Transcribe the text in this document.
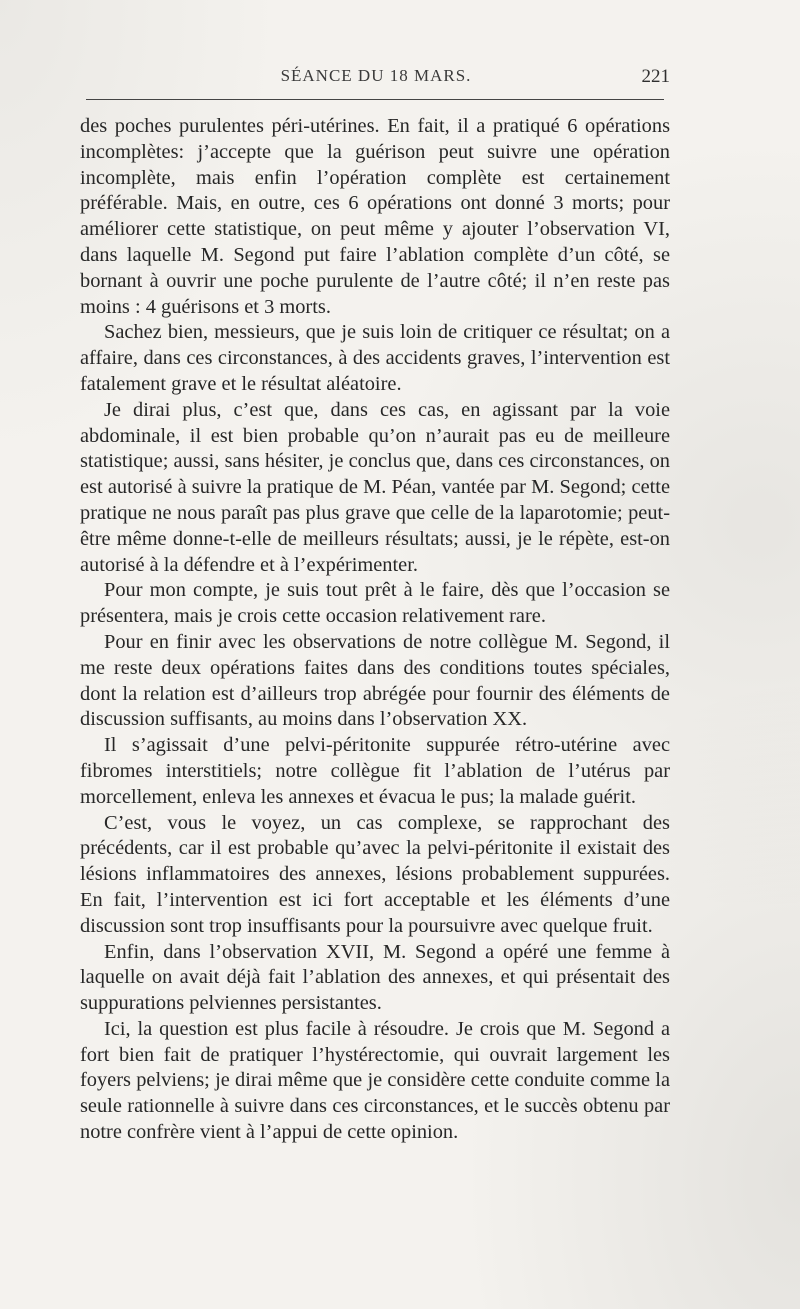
SÉANCE DU 18 MARS.	221

des poches purulentes péri-utérines. En fait, il a pratiqué 6 opérations incomplètes: j’accepte que la guérison peut suivre une opération incomplète, mais enfin l’opération complète est certainement préférable. Mais, en outre, ces 6 opérations ont donné 3 morts; pour améliorer cette statistique, on peut même y ajouter l’observation VI, dans laquelle M. Segond put faire l’ablation complète d’un côté, se bornant à ouvrir une poche purulente de l’autre côté; il n’en reste pas moins : 4 guérisons et 3 morts.

Sachez bien, messieurs, que je suis loin de critiquer ce résultat; on a affaire, dans ces circonstances, à des accidents graves, l’intervention est fatalement grave et le résultat aléatoire.

Je dirai plus, c’est que, dans ces cas, en agissant par la voie abdominale, il est bien probable qu’on n’aurait pas eu de meilleure statistique; aussi, sans hésiter, je conclus que, dans ces circonstances, on est autorisé à suivre la pratique de M. Péan, vantée par M. Segond; cette pratique ne nous paraît pas plus grave que celle de la laparotomie; peut-être même donne-t-elle de meilleurs résultats; aussi, je le répète, est-on autorisé à la défendre et à l’expérimenter.

Pour mon compte, je suis tout prêt à le faire, dès que l’occasion se présentera, mais je crois cette occasion relativement rare.

Pour en finir avec les observations de notre collègue M. Segond, il me reste deux opérations faites dans des conditions toutes spéciales, dont la relation est d’ailleurs trop abrégée pour fournir des éléments de discussion suffisants, au moins dans l’observation XX.

Il s’agissait d’une pelvi-péritonite suppurée rétro-utérine avec fibromes interstitiels; notre collègue fit l’ablation de l’utérus par morcellement, enleva les annexes et évacua le pus; la malade guérit.

C’est, vous le voyez, un cas complexe, se rapprochant des précédents, car il est probable qu’avec la pelvi-péritonite il existait des lésions inflammatoires des annexes, lésions probablement suppurées. En fait, l’intervention est ici fort acceptable et les éléments d’une discussion sont trop insuffisants pour la poursuivre avec quelque fruit.

Enfin, dans l’observation XVII, M. Segond a opéré une femme à laquelle on avait déjà fait l’ablation des annexes, et qui présentait des suppurations pelviennes persistantes.

Ici, la question est plus facile à résoudre. Je crois que M. Segond a fort bien fait de pratiquer l’hystérectomie, qui ouvrait largement les foyers pelviens; je dirai même que je considère cette conduite comme la seule rationnelle à suivre dans ces circonstances, et le succès obtenu par notre confrère vient à l’appui de cette opinion.
